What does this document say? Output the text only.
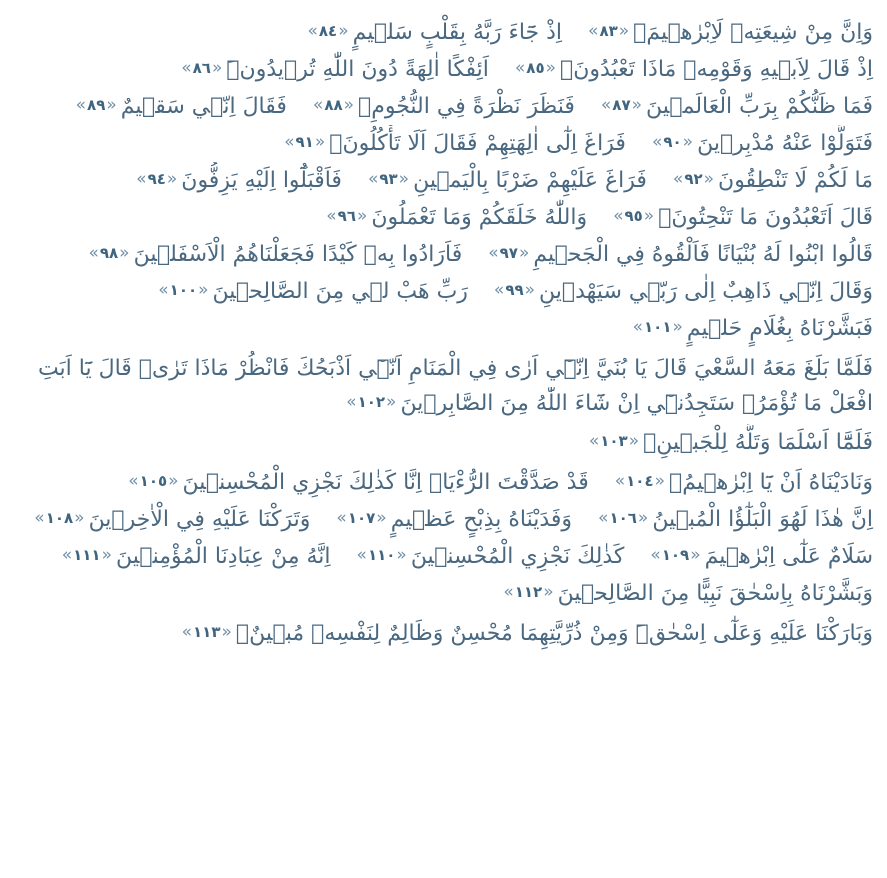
وَاِنَّ مِنْ شِيعَتِهٖ لَاِبْرٰهٖيمَۘ«٨٣»اِذْ جَٓاءَ رَبَّهُ بِقَلْبٍ سَلٖيمٍ«٨٤»
اِذْ قَالَ لِاَبٖيهِ وَقَوْمِهٖ مَاذَا تَعْبُدُونَۚ«٨٥»اَئِفْكًا اٰلِهَةً دُونَ اللّٰهِ تُرٖيدُونَۜ«٨٦»
فَمَا ظَنُّكُمْ بِرَبِّ الْعَالَمٖينَ«٨٧»فَنَظَرَ نَظْرَةً فِي النُّجُومِۙ«٨٨»فَقَالَ اِنّٖي سَقٖيمٌ«٨٩»
فَتَوَلَّوْا عَنْهُ مُدْبِرٖينَ«٩٠»فَرَاغَ اِلٰٓى اٰلِهَتِهِمْ فَقَالَ اَلَا تَأْكُلُونَۚ«٩١»
مَا لَكُمْ لَا تَنْطِقُونَ«٩٢»فَرَاغَ عَلَيْهِمْ ضَرْبًا بِالْيَمٖينِ«٩٣»فَاَقْبَلُٓوا اِلَيْهِ يَزِفُّونَ«٩٤»
قَالَ اَتَعْبُدُونَ مَا تَنْحِتُونَۙ«٩٥»وَاللّٰهُ خَلَقَكُمْ وَمَا تَعْمَلُونَ«٩٦»
قَالُوا ابْنُوا لَهُ بُنْيَانًا فَاَلْقُوهُ فِي الْجَحٖيمِ«٩٧»فَاَرَادُوا بِهٖ كَيْدًا فَجَعَلْنَاهُمُ الْاَسْفَلٖينَ«٩٨»
وَقَالَ اِنّٖي ذَاهِبٌ اِلٰى رَبّٖي سَيَهْدٖينِ«٩٩»رَبِّ هَبْ لٖي مِنَ الصَّالِحٖينَ«١٠٠»
فَبَشَّرْنَاهُ بِغُلَامٍ حَلٖيمٍ«١٠١»
فَلَمَّا بَلَغَ مَعَهُ السَّعْيَ قَالَ يَا بُنَيَّ اِنّٖٓي اَرٰى فِي الْمَنَامِ اَنّٖٓي اَذْبَحُكَ فَانْظُرْ مَاذَا تَرٰىۜ قَالَ يَٓا اَبَتِ
افْعَلْ مَا تُؤْمَرُۘ سَتَجِدُنٖٓي اِنْ شَٓاءَ اللّٰهُ مِنَ الصَّابِرٖينَ«١٠٢»
فَلَمَّٓا اَسْلَمَا وَتَلَّهُ لِلْجَبٖينِۚ«١٠٣»
وَنَادَيْنَاهُ اَنْ يَٓا اِبْرٰهٖيمُۙ«١٠٤»قَدْ صَدَّقْتَ الرُّءْيَاۚ اِنَّا كَذٰلِكَ نَجْزِي الْمُحْسِنٖينَ«١٠٥»
اِنَّ هٰذَا لَهُوَ الْبَلٰٓؤُا الْمُبٖينُ«١٠٦»وَفَدَيْنَاهُ بِذِبْحٍ عَظٖيمٍ«١٠٧»وَتَرَكْنَا عَلَيْهِ فِي الْاٰخِرٖينَ«١٠٨»
سَلَامٌ عَلٰٓى اِبْرٰهٖيمَ«١٠٩»كَذٰلِكَ نَجْزِي الْمُحْسِنٖينَ«١١٠»اِنَّهُ مِنْ عِبَادِنَا الْمُؤْمِنٖينَ«١١١»
وَبَشَّرْنَاهُ بِاِسْحٰقَ نَبِيًّا مِنَ الصَّالِحٖينَ«١١٢»
وَبَارَكْنَا عَلَيْهِ وَعَلٰٓى اِسْحٰقَۜ وَمِنْ ذُرِّيَّتِهِمَا مُحْسِنٌ وَظَالِمٌ لِنَفْسِهٖ مُبٖينٌۚ«١١٣»
